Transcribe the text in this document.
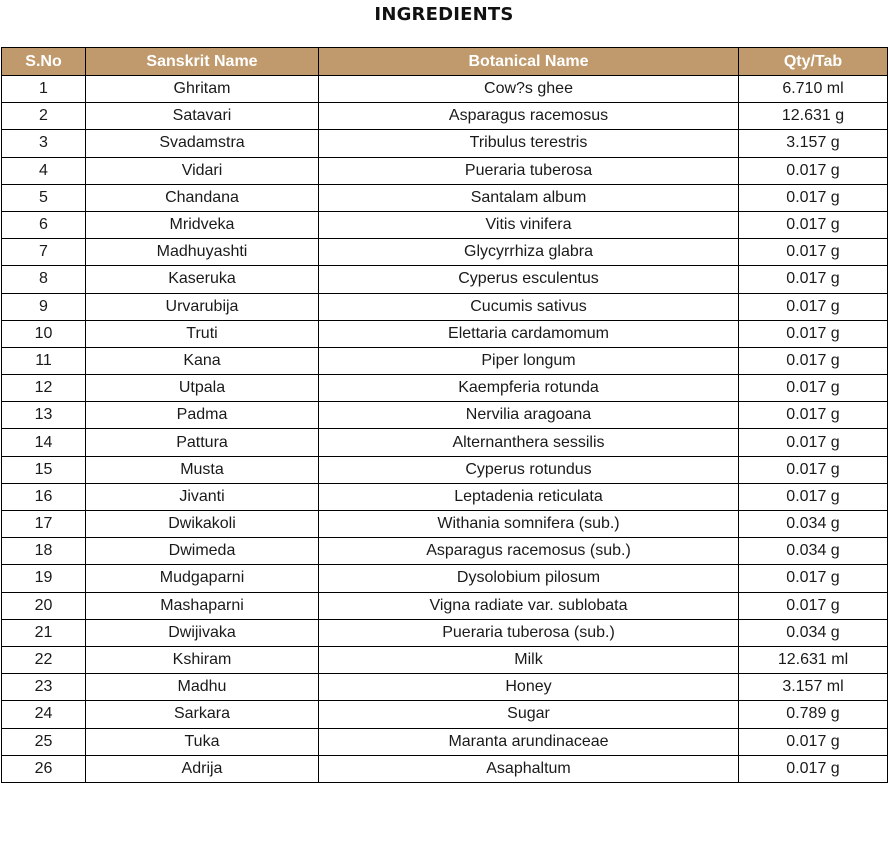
INGREDIENTS
S.No	Sanskrit Name	Botanical Name	Qty/Tab
1	Ghritam	Cow?s ghee	6.710 ml
2	Satavari	Asparagus racemosus	12.631 g
3	Svadamstra	Tribulus terestris	3.157 g
4	Vidari	Pueraria tuberosa	0.017 g
5	Chandana	Santalam album	0.017 g
6	Mridveka	Vitis vinifera	0.017 g
7	Madhuyashti	Glycyrrhiza glabra	0.017 g
8	Kaseruka	Cyperus esculentus	0.017 g
9	Urvarubija	Cucumis sativus	0.017 g
10	Truti	Elettaria cardamomum	0.017 g
11	Kana	Piper longum	0.017 g
12	Utpala	Kaempferia rotunda	0.017 g
13	Padma	Nervilia aragoana	0.017 g
14	Pattura	Alternanthera sessilis	0.017 g
15	Musta	Cyperus rotundus	0.017 g
16	Jivanti	Leptadenia reticulata	0.017 g
17	Dwikakoli	Withania somnifera (sub.)	0.034 g
18	Dwimeda	Asparagus racemosus (sub.)	0.034 g
19	Mudgaparni	Dysolobium pilosum	0.017 g
20	Mashaparni	Vigna radiate var. sublobata	0.017 g
21	Dwijivaka	Pueraria tuberosa (sub.)	0.034 g
22	Kshiram	Milk	12.631 ml
23	Madhu	Honey	3.157 ml
24	Sarkara	Sugar	0.789 g
25	Tuka	Maranta arundinaceae	0.017 g
26	Adrija	Asaphaltum	0.017 g
